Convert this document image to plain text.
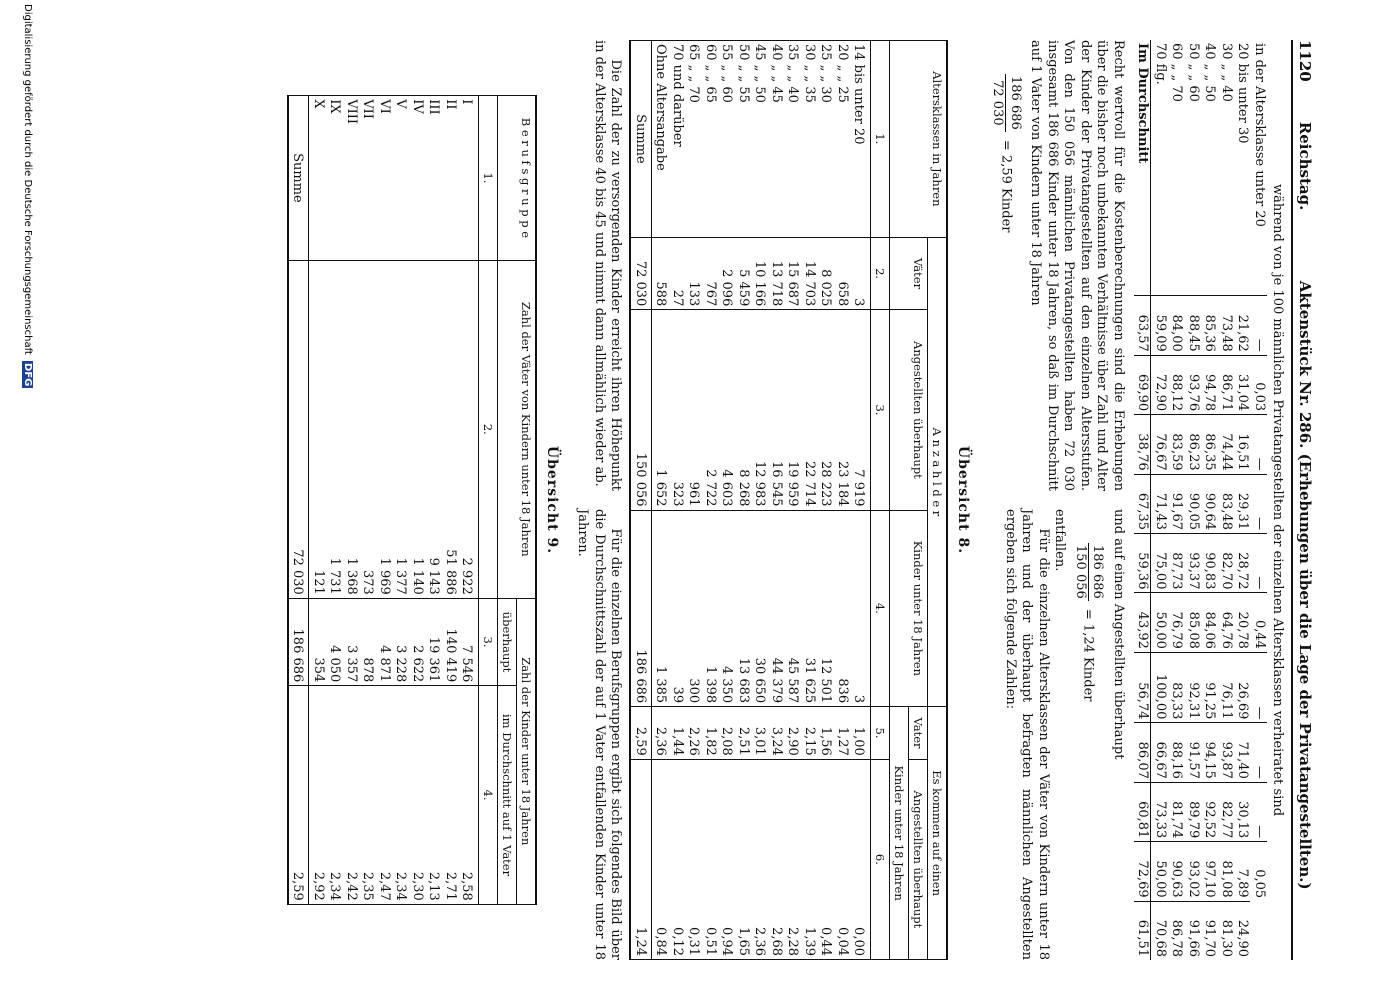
1120
Reichstag.
Aktenstück Nr. 286. (Erhebungen über die Lage der Privatangestellten.)
während von je 100 männlichen Privatangestellten der einzelnen Altersklassen verheiratet sind
in der Altersklasse unter 20	—	0,03	—	—	—	0,44	—	—	—	0,05	
20 bis unter 30	21,62	31,04	16,51	29,31	28,72	20,78	26,69	71,40	30,13	7,89	24,90
30 „ „ 40	73,48	86,71	74,44	83,48	82,70	64,76	76,11	93,87	82,77	81,08	81,30
40 „ „ 50	85,36	94,78	86,35	90,64	90,83	84,06	91,25	94,15	92,52	97,10	91,70
50 „ „ 60	88,45	93,76	86,23	90,05	93,37	85,08	92,31	91,57	89,79	93,02	91,66
60 „ „ 70	84,00	88,12	83,59	91,67	87,73	76,79	83,33	88,16	81,74	90,63	86,78
70 flg.	59,09	72,90	76,67	71,43	75,00	50,00	100,00	66,67	73,33	50,00	70,68
Im Durchschnitt	63,57	69,90	38,76	67,35	59,36	43,92	56,74	86,07	60,81	72,69	61,51
Recht wertvoll für die Kostenberechnungen sind die Erhebungen über die bisher noch unbekannten Verhältnisse über Zahl und Alter der Kinder der Privatangestellten auf den einzelnen Altersstufen. Von den 150 056 männlichen Privatangestellten haben 72 030 insgesamt 186 686 Kinder unter 18 Jahren, so daß im Durchschnitt auf 1 Vater von Kindern unter 18 Jahren
186 686
72 030
= 2,59 Kinder
und auf einen Angestellten überhaupt
186 686
150 056
= 1,24 Kinder
entfallen.
Für die einzelnen Altersklassen der Väter von Kindern unter 18 Jahren und der überhaupt befragten männlichen Angestellten ergeben sich folgende Zahlen:
Übersicht 8.
Altersklassen in Jahren	A n z a h l d e r			Es kommen auf einen	
	Väter	Angestellten überhaupt	Kinder unter 18 Jahren	Vater	Angestellten überhaupt
				Kinder unter 18 Jahren	
1.	2.	3.	4.	5.	6.
14 bis unter 20	3	7 919	3	1,00	0,00
20 „ „ 25	658	23 184	836	1,27	0,04
25 „ „ 30	8 025	28 223	12 501	1,56	0,44
30 „ „ 35	14 703	22 714	31 625	2,15	1,39
35 „ „ 40	15 687	19 959	45 587	2,90	2,28
40 „ „ 45	13 718	16 545	44 379	3,24	2,68
45 „ „ 50	10 166	12 983	30 650	3,01	2,36
50 „ „ 55	5 459	8 268	13 683	2,51	1,65
55 „ „ 60	2 096	4 603	4 350	2,08	0,94
60 „ „ 65	767	2 722	1 398	1,82	0,51
65 „ „ 70	133	961	300	2,26	0,31
70 und darüber	27	323	39	1,44	0,12
Ohne Altersangabe	588	1 652	1 385	2,36	0,84
Summe	72 030	150 056	186 686	2,59	1,24
Die Zahl der zu versorgenden Kinder erreicht ihren Höhepunkt in der Altersklasse 40 bis 45 und nimmt dann allmählich wieder ab.
Für die einzelnen Berufsgruppen ergibt sich folgendes Bild über die Durchschnittszahl der auf 1 Vater entfallenden Kinder unter 18 Jahren.
Übersicht 9.
B e r u f s g r u p p e	Zahl der Väter von Kindern unter 18 Jahren	Zahl der Kinder unter 18 Jahren	
		überhaupt	im Durchschnitt auf 1 Vater
1.	2.	3.	4.
I	2 922	7 546	2,58
II	51 886	140 419	2,71
III	9 143	19 361	2,13
IV	1 140	2 622	2,30
V	1 377	3 228	2,34
VI	1 969	4 871	2,47
VII	373	878	2,35
VIII	1 368	3 357	2,42
IX	1 731	4 050	2,34
X	121	354	2,92
Summe	72 030	186 686	2,59
Digitalisierung gefördert durch die Deutsche Forschungsgemeinschaft DFG
